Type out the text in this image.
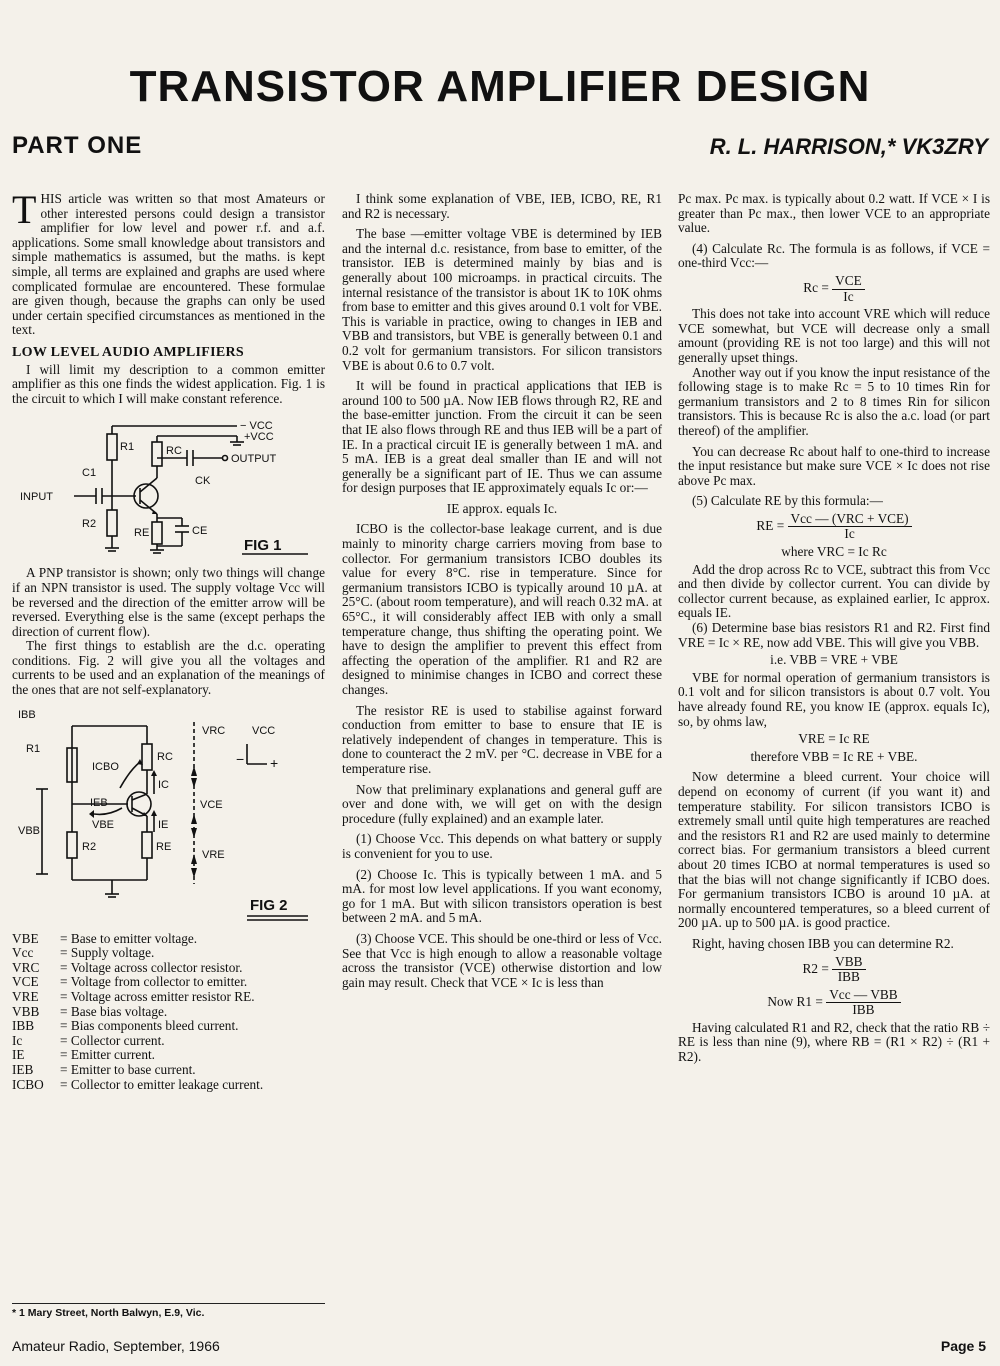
TRANSISTOR AMPLIFIER DESIGN
PART ONE	R. L. HARRISON,* VK3ZRY

THIS article was written so that most Amateurs or other interested persons could design a transistor amplifier for low level and power r.f. and a.f. applications. Some small knowledge about transistors and simple mathematics is assumed, but the maths. is kept simple, all terms are explained and graphs are used where complicated formulae are encountered. These formulae are given though, because the graphs can only be used under certain specified circumstances as mentioned in the text.

LOW LEVEL AUDIO AMPLIFIERS

I will limit my description to a common emitter amplifier as this one finds the widest application. Fig. 1 is the circuit to which I will make constant reference.

− VCC
+VCC
R1	RC
C1
CK
INPUT
OUTPUT
R2
RE	CE
FIG 1

A PNP transistor is shown; only two things will change if an NPN transistor is used. The supply voltage Vcc will be reversed and the direction of the emitter arrow will be reversed. Everything else is the same (except perhaps the direction of current flow).

The first things to establish are the d.c. operating conditions. Fig. 2 will give you all the voltages and currents to be used and an explanation of the meanings of the ones that are not self-explanatory.

IBB
R1
ICBO
RC
IC
VRC VCC
IEB
VBE	IE
VCE
VBB
R2	RE
VRE
− +
FIG 2
VBE	= Base to emitter voltage.
Vcc	= Supply voltage.
VRC	= Voltage across collector resistor.
VCE	= Voltage from collector to emitter.
VRE	= Voltage across emitter resistor RE.
VBB	= Base bias voltage.
IBB	= Bias components bleed current.
Ic	= Collector current.
IE	= Emitter current.
IEB	= Emitter to base current.
ICBO	= Collector to emitter leakage current.
* 1 Mary Street, North Balwyn, E.9, Vic.

I think some explanation of VBE, IEB, ICBO, RE, R1 and R2 is necessary.

The base —emitter voltage VBE is determined by IEB and the internal d.c. resistance, from base to emitter, of the transistor. IEB is determined mainly by bias and is generally about 100 microamps. in practical circuits. The internal resistance of the transistor is about 1K to 10K ohms from base to emitter and this gives around 0.1 volt for VBE. This is variable in practice, owing to changes in IEB and VBB and transistors, but VBE is generally between 0.1 and 0.2 volt for germanium transistors. For silicon transistors VBE is about 0.6 to 0.7 volt.

It will be found in practical applications that IEB is around 100 to 500 µA. Now IEB flows through R2, RE and the base-emitter junction. From the circuit it can be seen that IE also flows through RE and thus IEB will be a part of IE. In a practical circuit IE is generally between 1 mA. and 5 mA. IEB is a great deal smaller than IE and will not generally be a significant part of IE. Thus we can assume for design purposes that IE approximately equals Ic or:—

IE approx. equals Ic.

ICBO is the collector-base leakage current, and is due mainly to minority charge carriers moving from base to collector. For germanium transistors ICBO doubles its value for every 8°C. rise in temperature. Since for germanium transistors ICBO is typically around 10 µA. at 25°C. (about room temperature), and will reach 0.32 mA. at 65°C., it will considerably affect IEB with only a small temperature change, thus shifting the operating point. We have to design the amplifier to prevent this effect from affecting the operation of the amplifier. R1 and R2 are designed to minimise changes in ICBO and correct these changes.

The resistor RE is used to stabilise against forward conduction from emitter to base to ensure that IE is relatively independent of changes in temperature. This is done to counteract the 2 mV. per °C. decrease in VBE for a temperature rise.

Now that preliminary explanations and general guff are over and done with, we will get on with the design procedure (fully explained) and an example later.

(1) Choose Vcc. This depends on what battery or supply is convenient for you to use.

(2) Choose Ic. This is typically between 1 mA. and 5 mA. for most low level applications. If you want economy, go for 1 mA. But with silicon transistors operation is best between 2 mA. and 5 mA.

(3) Choose VCE. This should be one-third or less of Vcc. See that Vcc is high enough to allow a reasonable voltage across the transistor (VCE) otherwise distortion and low gain may result. Check that VCE × Ic is less than

Pc max. Pc max. is typically about 0.2 watt. If VCE × I is greater than Pc max., then lower VCE to an appropriate value.

(4) Calculate Rc. The formula is as follows, if VCE = one-third Vcc:—

$Rc = \frac{\text{VCE}}{Ic}$

This does not take into account VRE which will reduce VCE somewhat, but VCE will decrease only a small amount (providing RE is not too large) and this will not generally upset things.

Another way out if you know the input resistance of the following stage is to make Rc = 5 to 10 times Rin for germanium transistors and 2 to 8 times Rin for silicon transistors. This is because Rc is also the a.c. load (or part thereof) of the amplifier.

You can decrease Rc about half to one-third to increase the input resistance but make sure VCE × Ic does not rise above Pc max.

(5) Calculate RE by this formula:—

RE = $\frac{\text{Vcc — (VRC + VCE)}}{Ic}$

where VRC = Ic Rc

Add the drop across Rc to VCE, subtract this from Vcc and then divide by collector current. You can divide by collector current because, as explained earlier, Ic approx. equals IE.

(6) Determine base bias resistors R1 and R2. First find VRE = Ic × RE, now add VBE. This will give you VBB.

i.e. VBB = VRE + VBE

VBE for normal operation of germanium transistors is 0.1 volt and for silicon transistors is about 0.7 volt. You have already found RE, you know IE (approx. equals Ic), so, by ohms law,

VRE = Ic RE

therefore VBB = Ic RE + VBE.

Now determine a bleed current. Your choice will depend on economy of current (if you want it) and temperature stability. For silicon transistors ICBO is extremely small until quite high temperatures are reached and the resistors R1 and R2 are used mainly to determine correct bias. For germanium transistors a bleed current about 20 times ICBO at normal temperatures is used so that the bias will not change significantly if ICBO does. For germanium transistors ICBO is around 10 µA. at normally encountered temperatures, so a bleed current of 200 µA. up to 500 µA. is good practice.

Right, having chosen IBB you can determine R2.

$R2 = \frac{\text{VBB}}{\text{IBB}}$
Now $R1 = \frac{\text{Vcc — VBB}}{\text{IBB}}$

Having calculated R1 and R2, check that the ratio RB ÷ RE is less than nine (9), where RB = (R1 × R2) ÷ (R1 + R2).

Amateur Radio, September, 1966	Page 5
